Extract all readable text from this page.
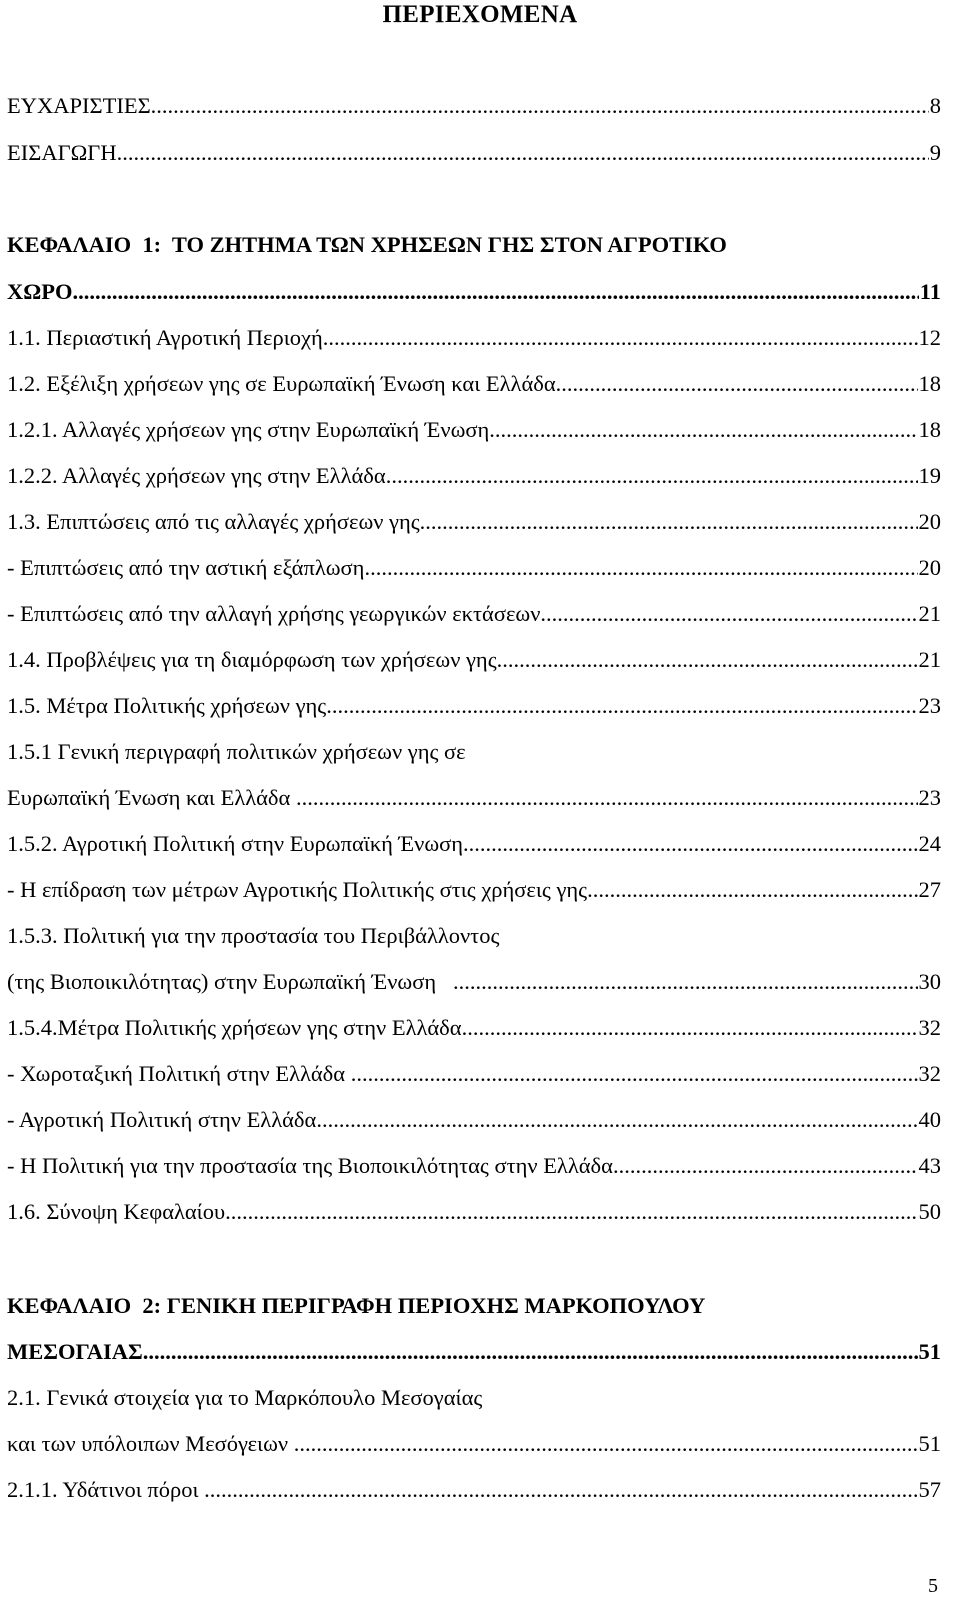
ΠΕΡΙΕΧΟΜΕΝΑ
ΕΥΧΑΡΙΣΤΙΕΣ .....	8
ΕΙΣΑΓΩΓΗ .....	9
ΚΕΦΑΛΑΙΟ  1:  ΤΟ ΖΗΤΗΜΑ ΤΩΝ ΧΡΗΣΕΩΝ ΓΗΣ ΣΤΟΝ ΑΓΡΟΤΙΚΟ
ΧΩΡΟ .....	11
1.1. Περιαστική Αγροτική Περιοχή .....	12
1.2. Εξέλιξη χρήσεων γης σε Ευρωπαϊκή Ένωση και Ελλάδα .....	18
1.2.1. Αλλαγές χρήσεων γης στην Ευρωπαϊκή Ένωση .....	18
1.2.2. Αλλαγές χρήσεων γης στην Ελλάδα .....	19
1.3. Επιπτώσεις από τις αλλαγές χρήσεων γης .....	20
- Επιπτώσεις από την αστική εξάπλωση .....	20
- Επιπτώσεις από την αλλαγή χρήσης γεωργικών εκτάσεων .....	21
1.4. Προβλέψεις για τη διαμόρφωση των χρήσεων γης .....	21
1.5. Μέτρα Πολιτικής χρήσεων γης .....	23
1.5.1 Γενική περιγραφή πολιτικών χρήσεων γης σε
Ευρωπαϊκή Ένωση και Ελλάδα . .....	23
1.5.2. Αγροτική Πολιτική στην Ευρωπαϊκή Ένωση .....	24
- Η επίδραση των μέτρων Αγροτικής Πολιτικής στις χρήσεις γης .....	27
1.5.3. Πολιτική για την προστασία του Περιβάλλοντος
(της Βιοποικιλότητας) στην Ευρωπαϊκή Ένωση .....	30
1.5.4.Μέτρα Πολιτικής χρήσεων γης στην Ελλάδα .....	32
- Χωροταξική Πολιτική στην Ελλάδα .....	32
- Αγροτική Πολιτική στην Ελλάδα .....	40
- Η Πολιτική για την προστασία της Βιοποικιλότητας στην Ελλάδα .....	43
1.6. Σύνοψη Κεφαλαίου .....	50
ΚΕΦΑΛΑΙΟ  2: ΓΕΝΙΚΗ ΠΕΡΙΓΡΑΦΗ ΠΕΡΙΟΧΗΣ ΜΑΡΚΟΠΟΥΛΟΥ
ΜΕΣΟΓΑΙΑΣ .....	51
2.1. Γενικά στοιχεία για το Μαρκόπουλο Μεσογαίας
και των υπόλοιπων Μεσόγειων .....	51
2.1.1. Υδάτινοι πόροι .....	57
5
